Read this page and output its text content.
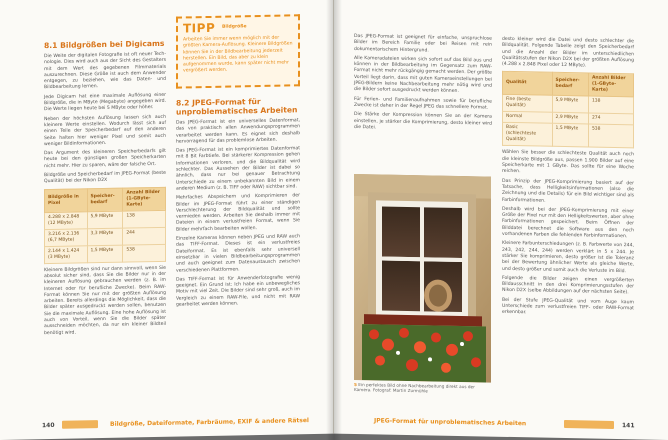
8.1 Bildgrößen bei Digicams

Die Weite der digitalen Fotografie ist oft neuer Technologie. Dies wird auch aus der Sicht des Gestalters mit dem Wert des gegebenen Filmmaterials auszurechnen. Diese Größe ist auch dem Anwender entgegen, zu beziehen, wie das Daten- und Bildbearbeitung lernen.

Jede Digicam hat eine maximale Auflösung einer Bildgröße, die in MByte (Megabyte) angegeben wird. Die Werte liegen heute bei 5 MByte oder höher.

Neben der höchsten Auflösung lassen sich auch kleinere Werte einstellen. Wodurch lässt sich auf einen Teile der Speicherbedarf auf den anderen Seite halten hier weniger Pixel und somit auch weniger Bildinformationen.

Das Argument des kleineren Speicherbedarfs gilt heute bei den günstigen großen Speicherkarten nicht mehr. Hier zu sparen, wäre der falsche Ort.

Bildgröße und Speicherbedarf im JPEG-Format (beste Qualität) bei der Nikon D2X

Bildgröße in Pixel	Speicherbedarf	Anzahl Bilder (1-GByte-Karte)
4.288 x 2.848 (12 MByte)	5,9 MByte	138
3.216 x 2.136 (6,7 MByte)	3,3 MByte	244
2.144 x 1.424 (3 MByte)	1,5 MByte	538

Kleinere Bildgrößen sind nur dann sinnvoll, wenn Sie absolut sicher sind, dass Sie die Bilder nur in der kleineren Auflösung gebrauchen werden (z. B. im Internet oder für berufliche Zwecke). Beim RAW-Format können Sie nur mit der größten Auflösung arbeiten. Bereits allerdings die Möglichkeit, dass die Bilder später ausgedruckt werden sollen, benutzen Sie die maximale Auflösung. Eine hohe Auflösung ist auch von Vorteil, wenn Sie die Bilder später ausschneiden möchten, da nur ein kleiner Bildteil benötigt wird.

TIPP	Bildgröße
Arbeiten Sie immer wenn möglich mit der größten Kamera-Auflösung. Kleinere Bildgrößen können Sie in der Bildbearbeitung jederzeit herstellen. Ein Bild, das aber zu klein aufgenommen wurde, kann später nicht mehr vergrößert werden.
8.2 JPEG-Format für unproblematisches Arbeiten

Das JPEG-Format ist ein universelles Datenformat, das von praktisch allen Anwendungsprogrammen verarbeitet werden kann. Es eignet sich deshalb hervorragend für das problemlose Arbeiten.

Das JPEG-Format ist ein komprimiertes Datenformat mit 8 Bit Farbtiefe. Bei stärkerer Kompression gehen Informationen verloren, und die Bildqualität wird schlechter. Das Aussehen der Bilder ist dabei so ähnlich, dass nur bei genauer Betrachtung Unterschiede zu einem unbekannten Bild in einem anderen Medium (z. B. TIFF oder RAW) sichtbar sind.

Mehrfaches Abspeichern und Komprimieren der Bilder im JPEG-Format führt zu einer ständigen Verschlechterung der Bildqualität und sollte vermieden werden. Arbeiten Sie deshalb immer mit Dateien in einem verlustfreien Format, wenn Sie Bilder mehrfach bearbeiten wollen.

Einzelne Kameras können neben JPEG und RAW auch das TIFF-Format. Dieses ist ein verlustfreies Dateiformat. Es ist ebenfalls sehr universell einsetzbar in vielen Bildbearbeitungsprogrammen und auch geeignet zum Datenaustausch zwischen verschiedenen Plattformen.

Das TIFF-Format ist für Anwenderfotografie wenig geeignet. Ein Grund ist: Ich habe ein unbewegliches Motiv mit viel Zeit. Die Bilder sind sehr groß, auch im Vergleich zu einem RAW-File, und nicht mit RAW gearbeitet werden können.

140	Bildgröße, Dateiformate, Farbräume, EXIF & andere Rätsel

Das JPEG-Format ist geeignet für einfache, unspruchlose Bilder im Bereich Familie oder bei Reisen mit rein dokumentarischem Hintergrund.

Alle Kameradateien wirken sich sofort auf das Bild aus und können in der Bildbearbeitung im Gegensatz zum RAW-Format nicht mehr rückgängig gemacht werden. Der größte Vorteil liegt darin, dass mit guten Kameraeinstellungen bei JPEG-Bildern keine Nachbearbeitung mehr nötig wird und die Bilder sofort ausgedruckt werden können.

Für Ferien- und Familienaufnahmen sowie für berufliche Zwecke ist daher in der Regel JPEG das schnellere Format.

Die Stärke der Kompression können Sie an der Kamera einstellen, je stärker die Komprimierung, desto kleiner wird die Datei.

5 Ein perfektes Bild ohne Nachbearbeitung direkt aus der Kamera. Fotograf: Martin Zurmühle

desto kleiner wird die Datei und desto schlechter die Bildqualität. Folgende Tabelle zeigt den Speicherbedarf und die Anzahl der Bilder im unterschiedlichen Qualitätsstufen der Nikon D2X bei der größten Auflösung (4.288 x 2.848 Pixel oder 12 MByte).

Qualität	Speicherbedarf	Anzahl Bilder (1-GByte-Karte)
Fine (beste Qualität)	5,9 MByte	138
Normal	2,9 MByte	274
Basic (schlechteste Qualität)	1,5 MByte	538

Wählen Sie besser die schlechteste Qualität auch noch die kleinste Bildgröße aus, passen 1.900 Bilder auf eine Speicherkarte mit 1 GByte. Das sollte für eine Woche reichen.

Das Prinzip der JPEG-Komprimierung basiert auf der Tatsache, dass Helligkeitsinformationen (also die Zeichnung und die Details) für ein Bild wichtiger sind als Farbinformationen.

Deshalb wird bei der JPEG-Komprimierung mit einer Größe der Pixel nur mit den Helligkeitswerten, aber ohne Farbinformationen gespeichert. Beim Öffnen der Bilddatei berechnet die Software aus den noch vorhandenen Farben die fehlenden Farbinformationen.

Kleinere Farbunterschiedungen (z. B. Farbwerte von 244, 243, 242, 244, 244) werden verklärt in 5 x 244. Je stärker Sie komprimieren, desto größer ist die Toleranz bei der Bewertung ähnlicher Werte als gleiche Werte, und desto größer und somit auch die Verluste im Bild.

Folgende die Bilder zeigen einen vergrößerten Bildausschnitt in den drei Komprimierungsstufen der Nikon D2X (selbe Abbildungen auf der nächsten Seite).

Bei der Stufe JPEG-Qualität und vom Auge kaum Unterschiede zum verlustfreien TIFF- oder RAW-Format erkennbar.

JPEG-Format für unproblematisches Arbeiten	141
